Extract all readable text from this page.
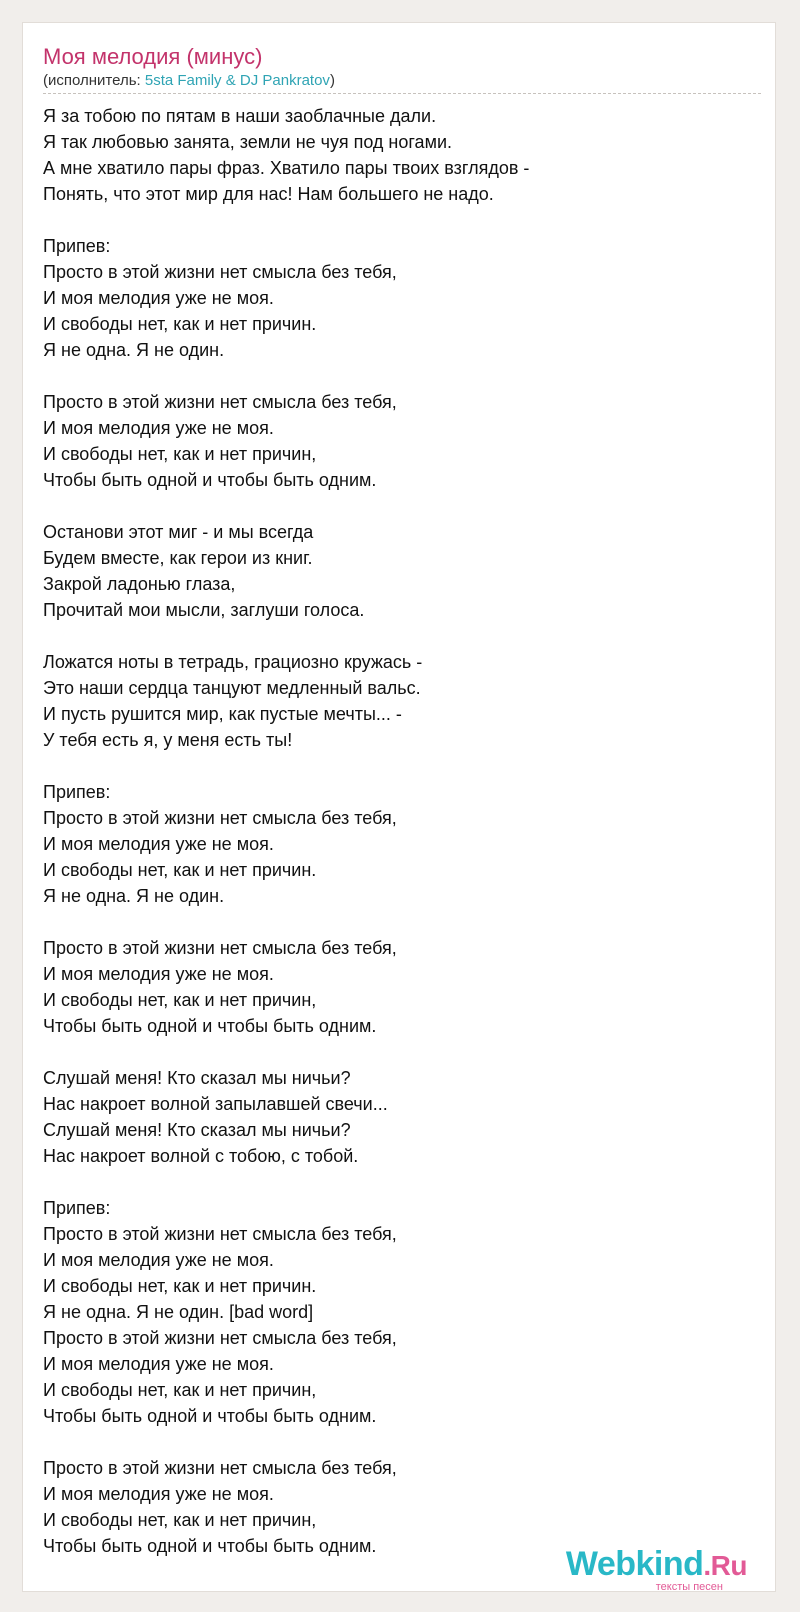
Моя мелодия (минус)
(исполнитель: 5sta Family & DJ Pankratov)
Я за тобою по пятам в наши заоблачные дали.
Я так любовью занята, земли не чуя под ногами.
А мне хватило пары фраз. Хватило пары твоих взглядов -
Понять, что этот мир для нас! Нам большего не надо.
Припев:
Просто в этой жизни нет смысла без тебя,
И моя мелодия уже не моя.
И свободы нет, как и нет причин.
Я не одна. Я не один.
Просто в этой жизни нет смысла без тебя,
И моя мелодия уже не моя.
И свободы нет, как и нет причин,
Чтобы быть одной и чтобы быть одним.
Останови этот миг - и мы всегда
Будем вместе, как герои из книг.
Закрой ладонью глаза,
Прочитай мои мысли, заглуши голоса.
Ложатся ноты в тетрадь, грациозно кружась -
Это наши сердца танцуют медленный вальс.
И пусть рушится мир, как пустые мечты... -
У тебя есть я, у меня есть ты!
Припев:
Просто в этой жизни нет смысла без тебя,
И моя мелодия уже не моя.
И свободы нет, как и нет причин.
Я не одна. Я не один.
Просто в этой жизни нет смысла без тебя,
И моя мелодия уже не моя.
И свободы нет, как и нет причин,
Чтобы быть одной и чтобы быть одним.
Слушай меня! Кто сказал мы ничьи?
Нас накроет волной запылавшей свечи...
Слушай меня! Кто сказал мы ничьи?
Нас накроет волной с тобою, с тобой.
Припев:
Просто в этой жизни нет смысла без тебя,
И моя мелодия уже не моя.
И свободы нет, как и нет причин.
Я не одна. Я не один. [bad word]
Просто в этой жизни нет смысла без тебя,
И моя мелодия уже не моя.
И свободы нет, как и нет причин,
Чтобы быть одной и чтобы быть одним.
Просто в этой жизни нет смысла без тебя,
И моя мелодия уже не моя.
И свободы нет, как и нет причин,
Чтобы быть одной и чтобы быть одним.	Webkind.Ru
тексты песен
